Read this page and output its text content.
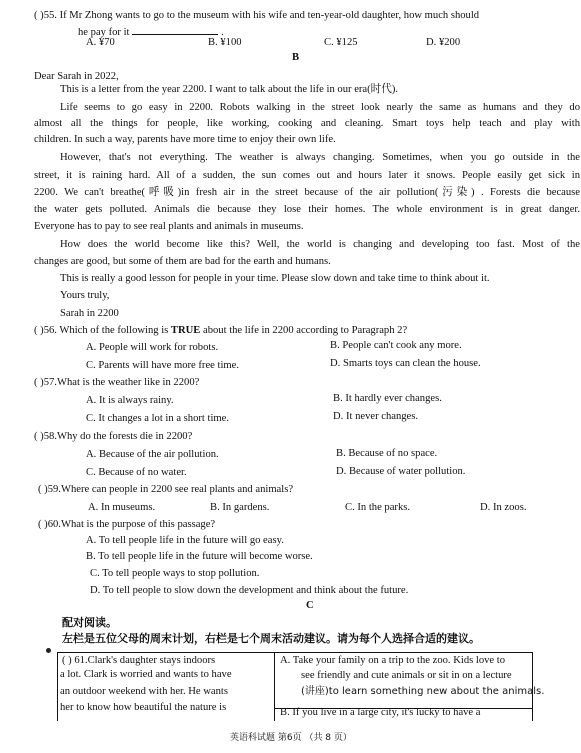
( )55. If Mr Zhong wants to go to the museum with his wife and ten-year-old daughter, how much should
he pay for it	.
A. ¥70	B. ¥100	C. ¥125	D. ¥200
B
Dear Sarah in 2022,
This is a letter from the year 2200. I want to talk about the life in our era(时代).
Life seems to go easy in 2200. Robots walking in the street look nearly the same as humans and they do
almost all the things for people, like working, cooking and cleaning. Smart toys help teach and play with
children. In such a way, parents have more time to enjoy their own life.
However, that's not everything. The weather is always changing. Sometimes, when you go outside in the
street, it is raining hard. All of a sudden, the sun comes out and hours later it snows. People easily get sick in
2200. We can't breathe(呼吸)in fresh air in the street because of the air pollution(污染) . Forests die because
the water gets polluted. Animals die because they lose their homes. The whole environment is in great danger.
Everyone has to pay to see real plants and animals in museums.
How does the world become like this? Well, the world is changing and developing too fast. Most of the
changes are good, but some of them are bad for the earth and humans.
This is really a good lesson for people in your time. Please slow down and take time to think about it.
Yours truly,
Sarah in 2200
( )56. Which of the following is TRUE about the life in 2200 according to Paragraph 2?
A. People will work for robots.	B. People can't cook any more.
C. Parents will have more free time.	D. Smarts toys can clean the house.
( )57.What is the weather like in 2200?
A. It is always rainy.	B. It hardly ever changes.
C. It changes a lot in a short time.	D. It never changes.
( )58.Why do the forests die in 2200?
A. Because of the air pollution.	B. Because of no space.
C. Because of no water.	D. Because of water pollution.
( )59.Where can people in 2200 see real plants and animals?
A. In museums.	B. In gardens.	C. In the parks.	D. In zoos.
( )60.What is the purpose of this passage?
A. To tell people life in the future will go easy.
B. To tell people life in the future will become worse.
C. To tell people ways to stop pollution.
D. To tell people to slow down the development and think about the future.
C
配对阅读。
左栏是五位父母的周末计划，右栏是七个周末活动建议。请为每个人选择合适的建议。
( ) 61.Clark's daughter stays indoors
a lot. Clark is worried and wants to have
an outdoor weekend with her. He wants
her to know how beautiful the nature is
A. Take your family on a trip to the zoo. Kids love to
see friendly and cute animals or sit in on a lecture
(讲座)to learn something new about the animals.
B. If you live in a large city, it's lucky to have a
英语科试题 第6页 （共 8 页）
